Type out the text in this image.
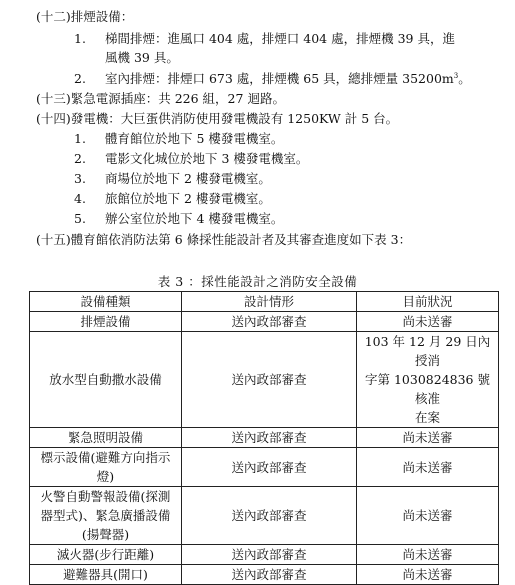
(十二)排煙設備：
1. 梯間排煙：進風口 404 處，排煙口 404 處，排煙機 39 具，進
風機 39 具。
2. 室內排煙：排煙口 673 處，排煙機 65 具，總排煙量 $35200m^3$。
(十三)緊急電源插座：共 226 組，27 迴路。
(十四)發電機：大巨蛋供消防使用發電機設有 1250KW 計 5 台。
1. 體育館位於地下 5 樓發電機室。
2. 電影文化城位於地下 3 樓發電機室。
3. 商場位於地下 2 樓發電機室。
4. 旅館位於地下 2 樓發電機室。
5. 辦公室位於地下 4 樓發電機室。
(十五)體育館依消防法第 6 條採性能設計者及其審查進度如下表 3：
表 3 ：採性能設計之消防安全設備
設備種類	設計情形	目前狀況
排煙設備	送內政部審查	尚未送審
放水型自動撒水設備	送內政部審查	103 年 12 月 29 日內授消
字第 1030824836 號核准
在案
緊急照明設備	送內政部審查	尚未送審
標示設備(避難方向指示
燈)	送內政部審查	尚未送審
火警自動警報設備(探測
器型式)、緊急廣播設備
(揚聲器)	送內政部審查	尚未送審
滅火器(步行距離)	送內政部審查	尚未送審
避難器具(開口)	送內政部審查	尚未送審
